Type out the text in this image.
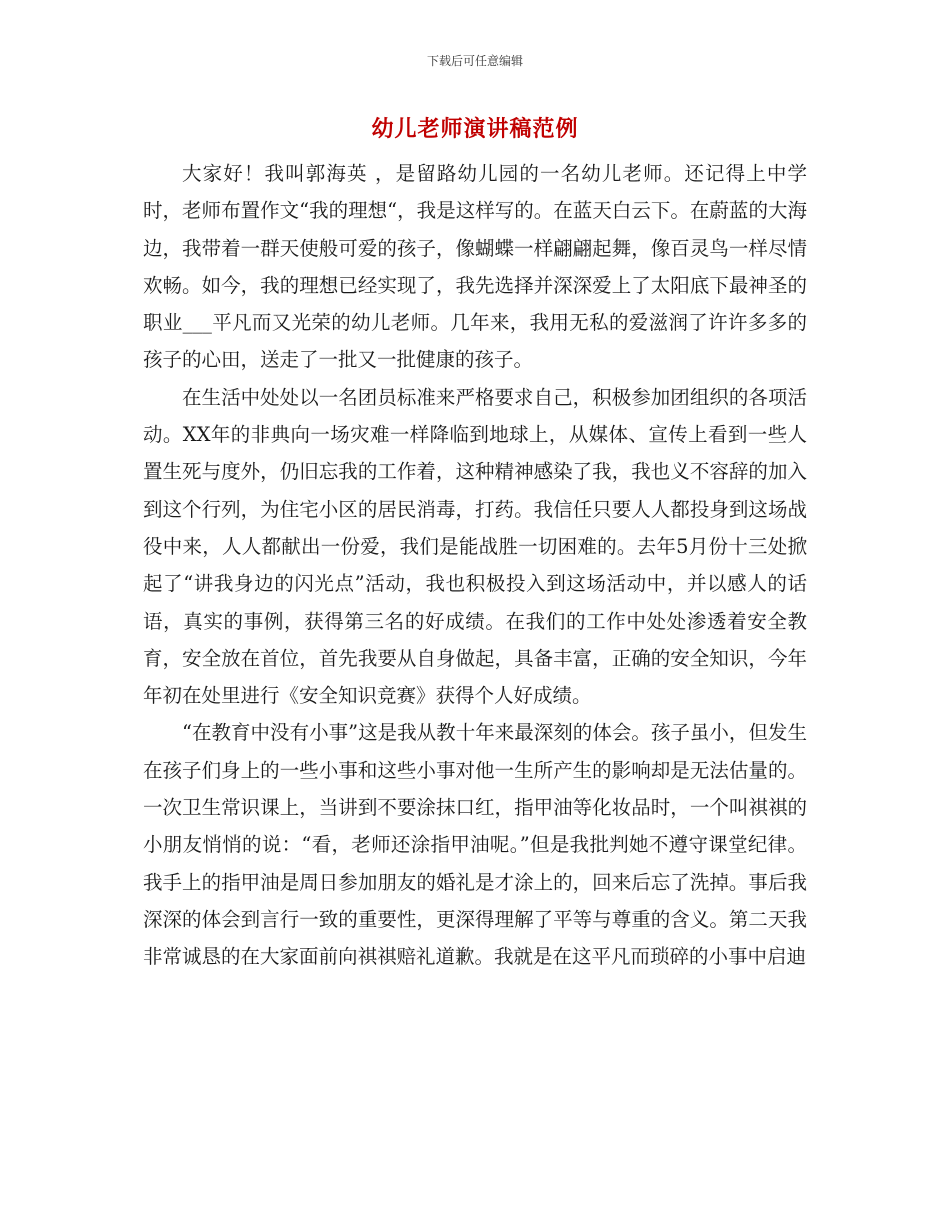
下载后可任意编辑
幼儿老师演讲稿范例

大家好！我叫郭海英 ，是留路幼儿园的一名幼儿老师。还记得上中学时，老师布置作文“我的理想“，我是这样写的。在蓝天白云下。在蔚蓝的大海边，我带着一群天使般可爱的孩子，像蝴蝶一样翩翩起舞，像百灵鸟一样尽情欢畅。如今，我的理想已经实现了，我先选择并深深爱上了太阳底下最神圣的职业___平凡而又光荣的幼儿老师。几年来，我用无私的爱滋润了许许多多的孩子的心田，送走了一批又一批健康的孩子。

在生活中处处以一名团员标准来严格要求自己，积极参加团组织的各项活动。XX年的非典向一场灾难一样降临到地球上，从媒体、宣传上看到一些人置生死与度外，仍旧忘我的工作着，这种精神感染了我，我也义不容辞的加入到这个行列，为住宅小区的居民消毒，打药。我信任只要人人都投身到这场战役中来，人人都献出一份爱，我们是能战胜一切困难的。去年5月份十三处掀起了“讲我身边的闪光点”活动，我也积极投入到这场活动中，并以感人的话语，真实的事例，获得第三名的好成绩。在我们的工作中处处渗透着安全教育，安全放在首位，首先我要从自身做起，具备丰富，正确的安全知识，今年年初在处里进行《安全知识竞赛》获得个人好成绩。

“在教育中没有小事”这是我从教十年来最深刻的体会。孩子虽小，但发生在孩子们身上的一些小事和这些小事对他一生所产生的影响却是无法估量的。一次卫生常识课上，当讲到不要涂抹口红，指甲油等化妆品时，一个叫祺祺的小朋友悄悄的说：“看，老师还涂指甲油呢。”但是我批判她不遵守课堂纪律。我手上的指甲油是周日参加朋友的婚礼是才涂上的，回来后忘了洗掉。事后我深深的体会到言行一致的重要性，更深得理解了平等与尊重的含义。第二天我非常诚恳的在大家面前向祺祺赔礼道歉。我就是在这平凡而琐碎的小事中启迪
